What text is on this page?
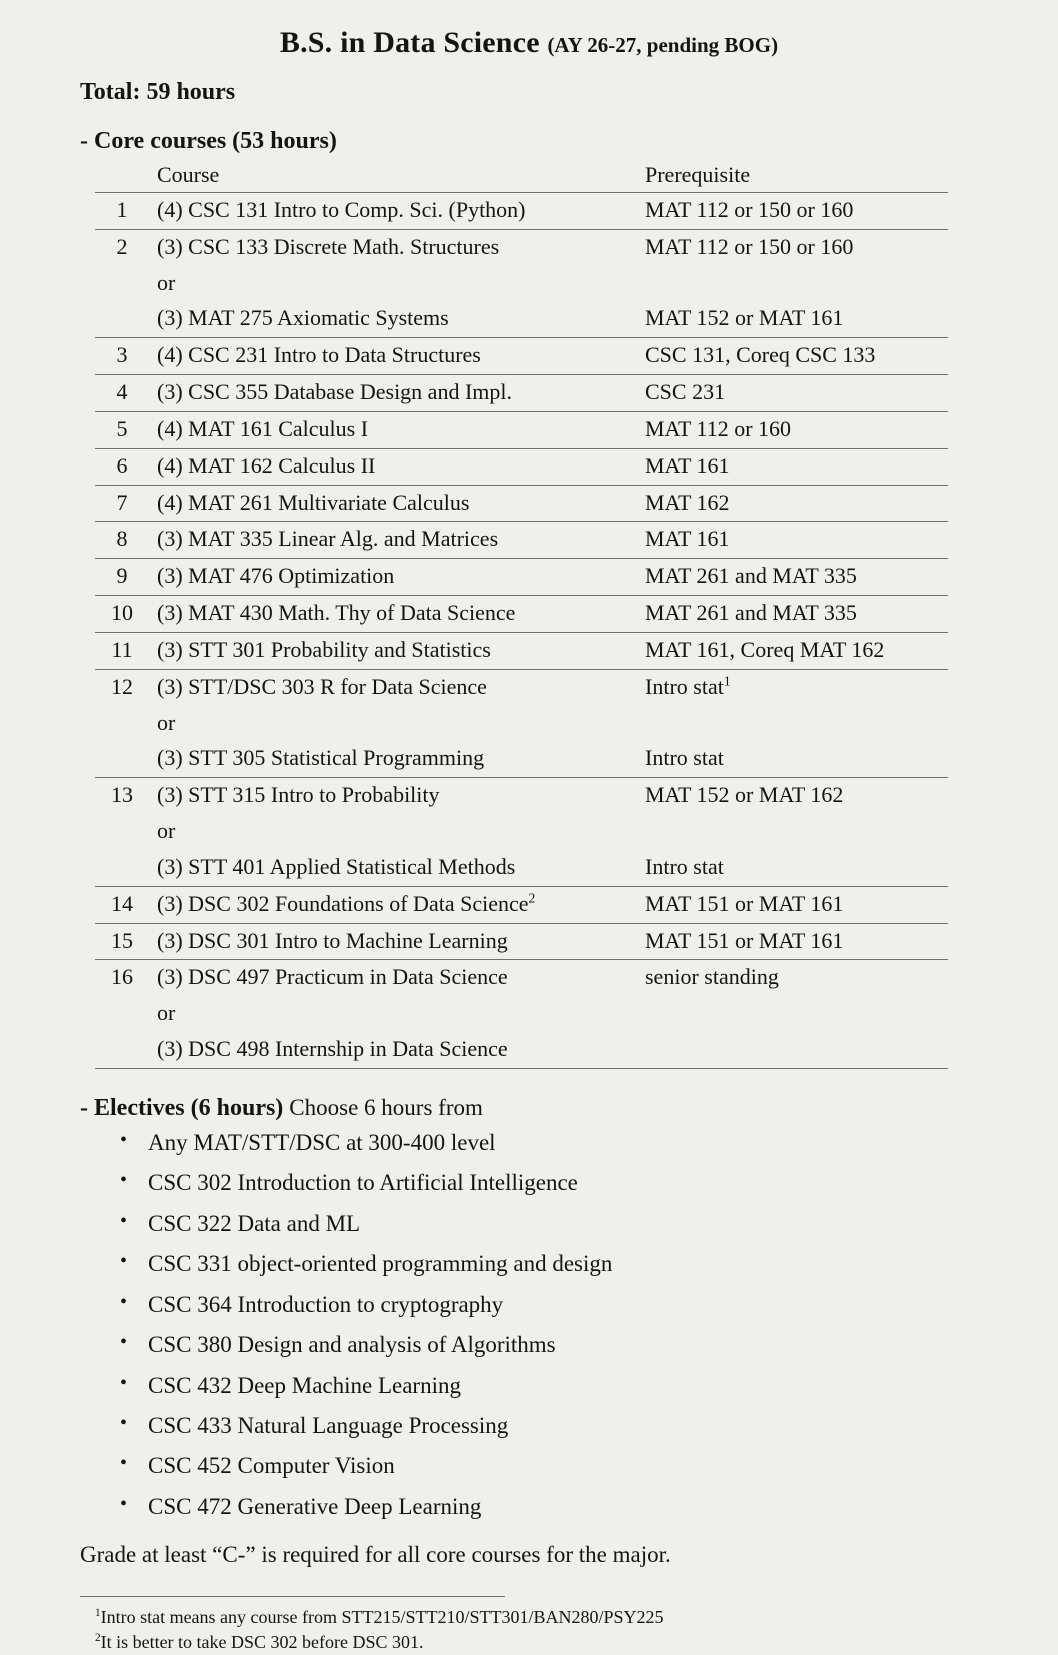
B.S. in Data Science (AY 26-27, pending BOG)
Total: 59 hours
- Core courses (53 hours)
	Course	Prerequisite
1	(4) CSC 131 Intro to Comp. Sci. (Python)	MAT 112 or 150 or 160
2	(3) CSC 133 Discrete Math. Structures	MAT 112 or 150 or 160
	or	
	(3) MAT 275 Axiomatic Systems	MAT 152 or MAT 161
3	(4) CSC 231 Intro to Data Structures	CSC 131, Coreq CSC 133
4	(3) CSC 355 Database Design and Impl.	CSC 231
5	(4) MAT 161 Calculus I	MAT 112 or 160
6	(4) MAT 162 Calculus II	MAT 161
7	(4) MAT 261 Multivariate Calculus	MAT 162
8	(3) MAT 335 Linear Alg. and Matrices	MAT 161
9	(3) MAT 476 Optimization	MAT 261 and MAT 335
10	(3) MAT 430 Math. Thy of Data Science	MAT 261 and MAT 335
11	(3) STT 301 Probability and Statistics	MAT 161, Coreq MAT 162
12	(3) STT/DSC 303 R for Data Science	Intro stat$^1$
	or	
	(3) STT 305 Statistical Programming	Intro stat
13	(3) STT 315 Intro to Probability	MAT 152 or MAT 162
	or	
	(3) STT 401 Applied Statistical Methods	Intro stat
14	(3) DSC 302 Foundations of Data Science$^2$	MAT 151 or MAT 161
15	(3) DSC 301 Intro to Machine Learning	MAT 151 or MAT 161
16	(3) DSC 497 Practicum in Data Science	senior standing
	or	
	(3) DSC 498 Internship in Data Science	
- Electives (6 hours) Choose 6 hours from
• Any MAT/STT/DSC at 300-400 level
• CSC 302 Introduction to Artificial Intelligence
• CSC 322 Data and ML
• CSC 331 object-oriented programming and design
• CSC 364 Introduction to cryptography
• CSC 380 Design and analysis of Algorithms
• CSC 432 Deep Machine Learning
• CSC 433 Natural Language Processing
• CSC 452 Computer Vision
• CSC 472 Generative Deep Learning
Grade at least “C-” is required for all core courses for the major.
$^1$Intro stat means any course from STT215/STT210/STT301/BAN280/PSY225
$^2$It is better to take DSC 302 before DSC 301.
